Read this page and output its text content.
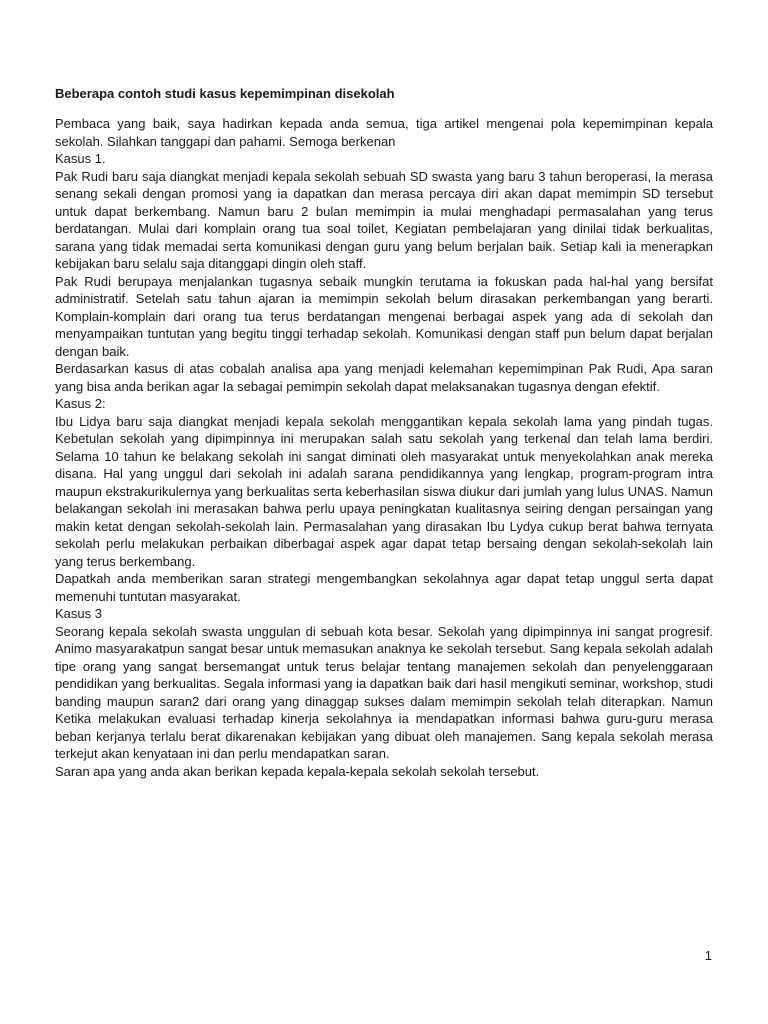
Beberapa contoh studi kasus kepemimpinan disekolah

Pembaca yang baik, saya hadirkan kepada anda semua, tiga artikel mengenai pola kepemimpinan kepala sekolah. Silahkan tanggapi dan pahami. Semoga berkenan

Kasus 1.

Pak Rudi baru saja diangkat menjadi kepala sekolah sebuah SD swasta yang baru 3 tahun beroperasi, Ia merasa senang sekali dengan promosi yang ia dapatkan dan merasa percaya diri akan dapat memimpin SD tersebut untuk dapat berkembang. Namun baru 2 bulan memimpin ia mulai menghadapi permasalahan yang terus berdatangan. Mulai dari komplain orang tua soal toilet, Kegiatan pembelajaran yang dinilai tidak berkualitas, sarana yang tidak memadai serta komunikasi dengan guru yang belum berjalan baik. Setiap kali ia menerapkan kebijakan baru selalu saja ditanggapi dingin oleh staff.

Pak Rudi berupaya menjalankan tugasnya sebaik mungkin terutama ia fokuskan pada hal-hal yang bersifat administratif. Setelah satu tahun ajaran ia memimpin sekolah belum dirasakan perkembangan yang berarti. Komplain-komplain dari orang tua terus berdatangan mengenai berbagai aspek yang ada di sekolah dan menyampaikan tuntutan yang begitu tinggi terhadap sekolah. Komunikasi dengan staff pun belum dapat berjalan dengan baik.

Berdasarkan kasus di atas cobalah analisa apa yang menjadi kelemahan kepemimpinan Pak Rudi, Apa saran yang bisa anda berikan agar Ia sebagai pemimpin sekolah dapat melaksanakan tugasnya dengan efektif.

Kasus 2:

Ibu Lidya baru saja diangkat menjadi kepala sekolah menggantikan kepala sekolah lama yang pindah tugas. Kebetulan sekolah yang dipimpinnya ini merupakan salah satu sekolah yang terkenal dan telah lama berdiri. Selama 10 tahun ke belakang sekolah ini sangat diminati oleh masyarakat untuk menyekolahkan anak mereka disana. Hal yang unggul dari sekolah ini adalah sarana pendidikannya yang lengkap, program-program intra maupun ekstrakurikulernya yang berkualitas serta keberhasilan siswa diukur dari jumlah yang lulus UNAS. Namun belakangan sekolah ini merasakan bahwa perlu upaya peningkatan kualitasnya seiring dengan persaingan yang makin ketat dengan sekolah-sekolah lain. Permasalahan yang dirasakan Ibu Lydya cukup berat bahwa ternyata sekolah perlu melakukan perbaikan diberbagai aspek agar dapat tetap bersaing dengan sekolah-sekolah lain yang terus berkembang.

Dapatkah anda memberikan saran strategi mengembangkan sekolahnya agar dapat tetap unggul serta dapat memenuhi tuntutan masyarakat.

Kasus 3

Seorang kepala sekolah swasta unggulan di sebuah kota besar. Sekolah yang dipimpinnya ini sangat progresif. Animo masyarakatpun sangat besar untuk memasukan anaknya ke sekolah tersebut. Sang kepala sekolah adalah tipe orang yang sangat bersemangat untuk terus belajar tentang manajemen sekolah dan penyelenggaraan pendidikan yang berkualitas. Segala informasi yang ia dapatkan baik dari hasil mengikuti seminar, workshop, studi banding maupun saran2 dari orang yang dinaggap sukses dalam memimpin sekolah telah diterapkan. Namun Ketika melakukan evaluasi terhadap kinerja sekolahnya ia mendapatkan informasi bahwa guru-guru merasa beban kerjanya terlalu berat dikarenakan kebijakan yang dibuat oleh manajemen. Sang kepala sekolah merasa terkejut akan kenyataan ini dan perlu mendapatkan saran.

Saran apa yang anda akan berikan kepada kepala-kepala sekolah sekolah tersebut.

1
